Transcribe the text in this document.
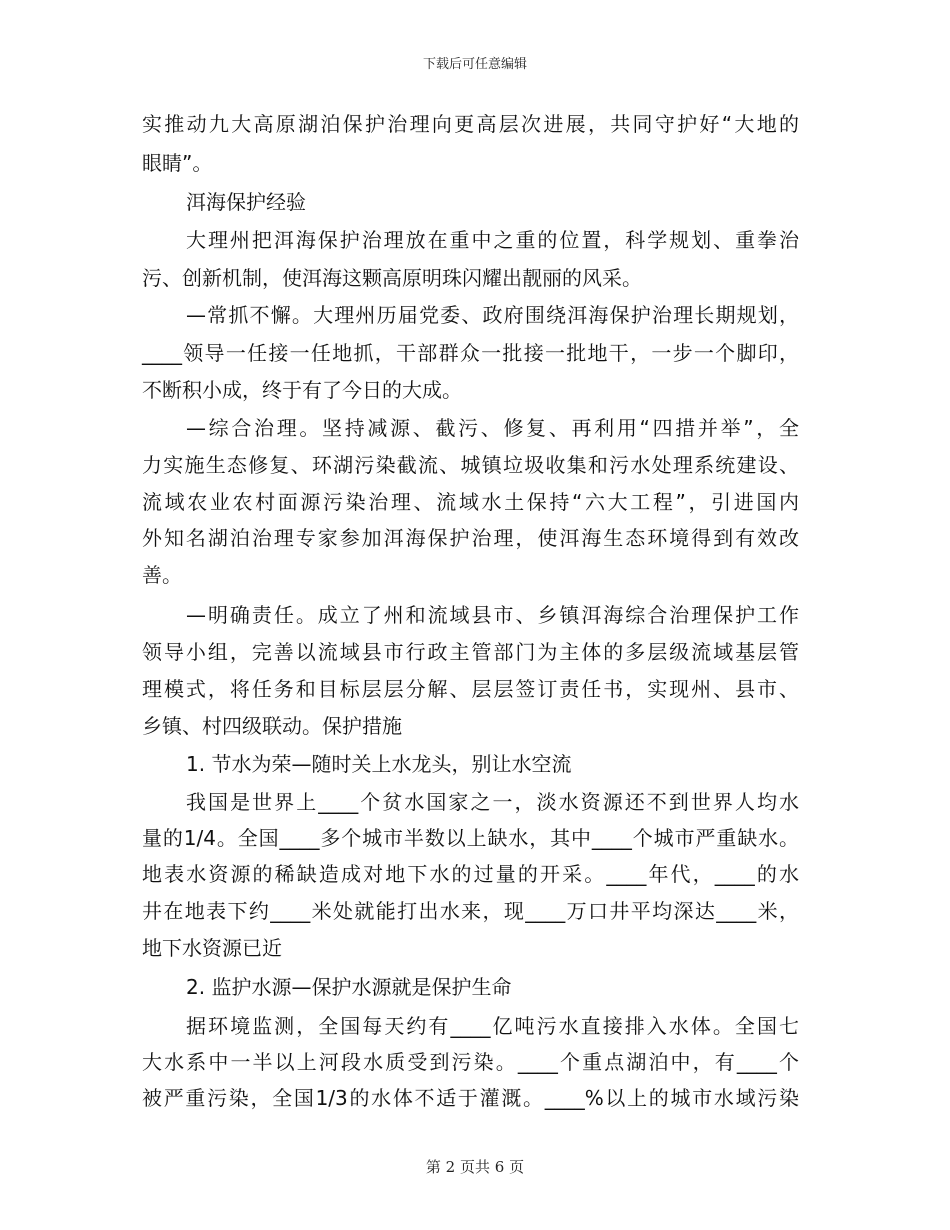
下载后可任意编辑
实推动九大高原湖泊保护治理向更高层次进展，共同守护好“大地的
眼睛”。
洱海保护经验
大理州把洱海保护治理放在重中之重的位置，科学规划、重拳治
污、创新机制，使洱海这颗高原明珠闪耀出靓丽的风采。
—常抓不懈。大理州历届党委、政府围绕洱海保护治理长期规划，
____领导一任接一任地抓，干部群众一批接一批地干，一步一个脚印，
不断积小成，终于有了今日的大成。
—综合治理。坚持减源、截污、修复、再利用“四措并举”，全
力实施生态修复、环湖污染截流、城镇垃圾收集和污水处理系统建设、
流域农业农村面源污染治理、流域水土保持“六大工程”，引进国内
外知名湖泊治理专家参加洱海保护治理，使洱海生态环境得到有效改
善。
—明确责任。成立了州和流域县市、乡镇洱海综合治理保护工作
领导小组，完善以流域县市行政主管部门为主体的多层级流域基层管
理模式，将任务和目标层层分解、层层签订责任书，实现州、县市、
乡镇、村四级联动。保护措施
1. 节水为荣—随时关上水龙头，别让水空流
我国是世界上____个贫水国家之一，淡水资源还不到世界人均水
量的1/4。全国____多个城市半数以上缺水，其中____个城市严重缺水。
地表水资源的稀缺造成对地下水的过量的开采。____年代，____的水
井在地表下约____米处就能打出水来，现____万口井平均深达____米，
地下水资源已近
2. 监护水源—保护水源就是保护生命
据环境监测，全国每天约有____亿吨污水直接排入水体。全国七
大水系中一半以上河段水质受到污染。____个重点湖泊中，有____个
被严重污染，全国1/3的水体不适于灌溉。____%以上的城市水域污染
第 2 页共 6 页
